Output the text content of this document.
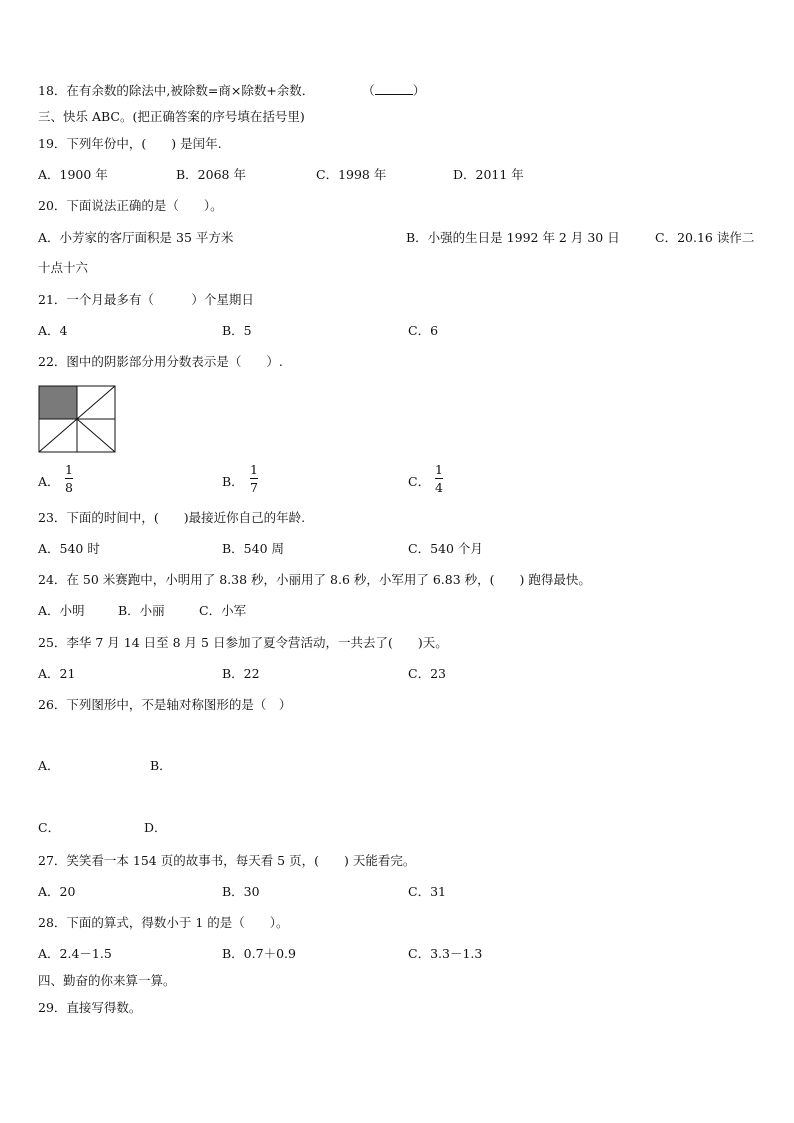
18．在有余数的除法中,被除数=商×除数+余数．	（	）
三、快乐 ABC。(把正确答案的序号填在括号里)
19．下列年份中，(　　) 是闰年.
A．1900 年	B．2068 年	C．1998 年	D．2011 年
20．下面说法正确的是（　　）。
A．小芳家的客厅面积是 35 平方米	B．小强的生日是 1992 年 2 月 30 日	C．20.16 读作二
十点十六
21．一个月最多有（　　　）个星期日
A．4	B．5	C．6
22．图中的阴影部分用分数表示是（　　）.
A．
1
8	B．
1
7	C．
1
4
23．下面的时间中，(　　)最接近你自己的年龄.
A．540 时	B．540 周	C．540 个月
24．在 50 米赛跑中，小明用了 8.38 秒，小丽用了 8.6 秒，小军用了 6.83 秒，(　　) 跑得最快。
A．小明	B．小丽	C．小军
25．李华 7 月 14 日至 8 月 5 日参加了夏令营活动，一共去了(　　)天。
A．21	B．22	C．23
26．下列图形中，不是轴对称图形的是（　）
A．	B．
C．	D．
27．笑笑看一本 154 页的故事书，每天看 5 页，(　　) 天能看完。
A．20	B．30	C．31
28．下面的算式，得数小于 1 的是（　　）。
A．2.4－1.5	B．0.7＋0.9	C．3.3－1.3
四、勤奋的你来算一算。
29．直接写得数。
